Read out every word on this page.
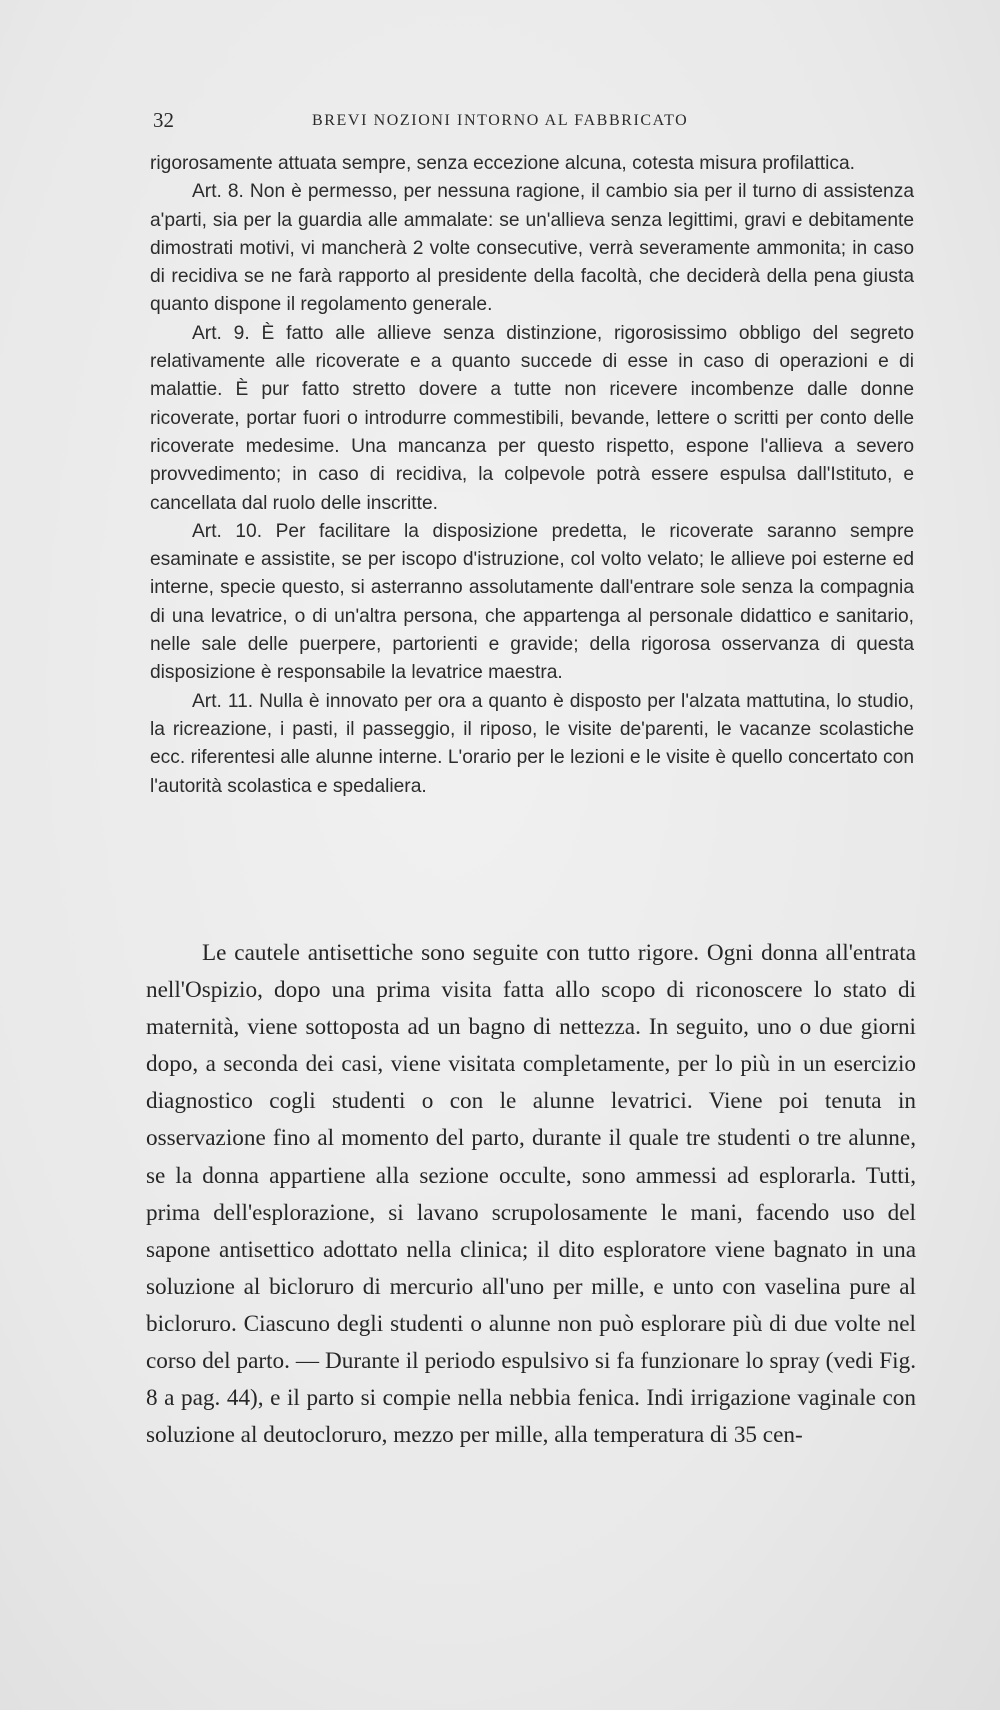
32	BREVI NOZIONI INTORNO AL FABBRICATO

rigorosamente attuata sempre, senza eccezione alcuna, cotesta misura profilattica.

Art. 8. Non è permesso, per nessuna ragione, il cambio sia per il turno di assistenza a'parti, sia per la guardia alle ammalate: se un'allieva senza legittimi, gravi e debitamente dimostrati motivi, vi mancherà 2 volte consecutive, verrà severamente ammonita; in caso di recidiva se ne farà rapporto al presidente della facoltà, che deciderà della pena giusta quanto dispone il regolamento generale.

Art. 9. È fatto alle allieve senza distinzione, rigorosissimo obbligo del segreto relativamente alle ricoverate e a quanto succede di esse in caso di operazioni e di malattie. È pur fatto stretto dovere a tutte non ricevere incombenze dalle donne ricoverate, portar fuori o introdurre commestibili, bevande, lettere o scritti per conto delle ricoverate medesime. Una mancanza per questo rispetto, espone l'allieva a severo provvedimento; in caso di recidiva, la colpevole potrà essere espulsa dall'Istituto, e cancellata dal ruolo delle inscritte.

Art. 10. Per facilitare la disposizione predetta, le ricoverate saranno sempre esaminate e assistite, se per iscopo d'istruzione, col volto velato; le allieve poi esterne ed interne, specie questo, si asterranno assolutamente dall'entrare sole senza la compagnia di una levatrice, o di un'altra persona, che appartenga al personale didattico e sanitario, nelle sale delle puerpere, partorienti e gravide; della rigorosa osservanza di questa disposizione è responsabile la levatrice maestra.

Art. 11. Nulla è innovato per ora a quanto è disposto per l'alzata mattutina, lo studio, la ricreazione, i pasti, il passeggio, il riposo, le visite de'parenti, le vacanze scolastiche ecc. riferentesi alle alunne interne. L'orario per le lezioni e le visite è quello concertato con l'autorità scolastica e spedaliera.

Le cautele antisettiche sono seguite con tutto rigore. Ogni donna all'entrata nell'Ospizio, dopo una prima visita fatta allo scopo di riconoscere lo stato di maternità, viene sottoposta ad un bagno di nettezza. In seguito, uno o due giorni dopo, a seconda dei casi, viene visitata completamente, per lo più in un esercizio diagnostico cogli studenti o con le alunne levatrici. Viene poi tenuta in osservazione fino al momento del parto, durante il quale tre studenti o tre alunne, se la donna appartiene alla sezione occulte, sono ammessi ad esplorarla. Tutti, prima dell'esplorazione, si lavano scrupolosamente le mani, facendo uso del sapone antisettico adottato nella clinica; il dito esploratore viene bagnato in una soluzione al bicloruro di mercurio all'uno per mille, e unto con vaselina pure al bicloruro. Ciascuno degli studenti o alunne non può esplorare più di due volte nel corso del parto. — Durante il periodo espulsivo si fa funzionare lo spray (vedi Fig. 8 a pag. 44), e il parto si compie nella nebbia fenica. Indi irrigazione vaginale con soluzione al deutocloruro, mezzo per mille, alla temperatura di 35 cen-
